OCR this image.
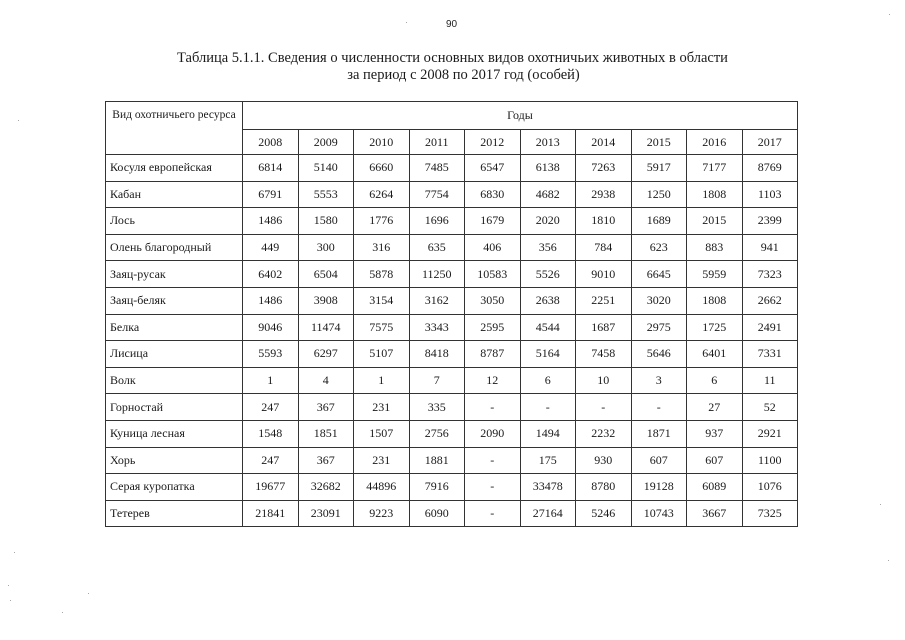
90
Таблица 5.1.1. Сведения о численности основных видов охотничьих животных в области
за период с 2008 по 2017 год (особей)
Вид охотничьего ресурса	Годы									
	2008	2009	2010	2011	2012	2013	2014	2015	2016	2017
Косуля европейская	6814	5140	6660	7485	6547	6138	7263	5917	7177	8769
Кабан	6791	5553	6264	7754	6830	4682	2938	1250	1808	1103
Лось	1486	1580	1776	1696	1679	2020	1810	1689	2015	2399
Олень благородный	449	300	316	635	406	356	784	623	883	941
Заяц-русак	6402	6504	5878	11250	10583	5526	9010	6645	5959	7323
Заяц-беляк	1486	3908	3154	3162	3050	2638	2251	3020	1808	2662
Белка	9046	11474	7575	3343	2595	4544	1687	2975	1725	2491
Лисица	5593	6297	5107	8418	8787	5164	7458	5646	6401	7331
Волк	1	4	1	7	12	6	10	3	6	11
Горностай	247	367	231	335	-	-	-	-	27	52
Куница лесная	1548	1851	1507	2756	2090	1494	2232	1871	937	2921
Хорь	247	367	231	1881	-	175	930	607	607	1100
Серая куропатка	19677	32682	44896	7916	-	33478	8780	19128	6089	1076
Тетерев	21841	23091	9223	6090	-	27164	5246	10743	3667	7325
